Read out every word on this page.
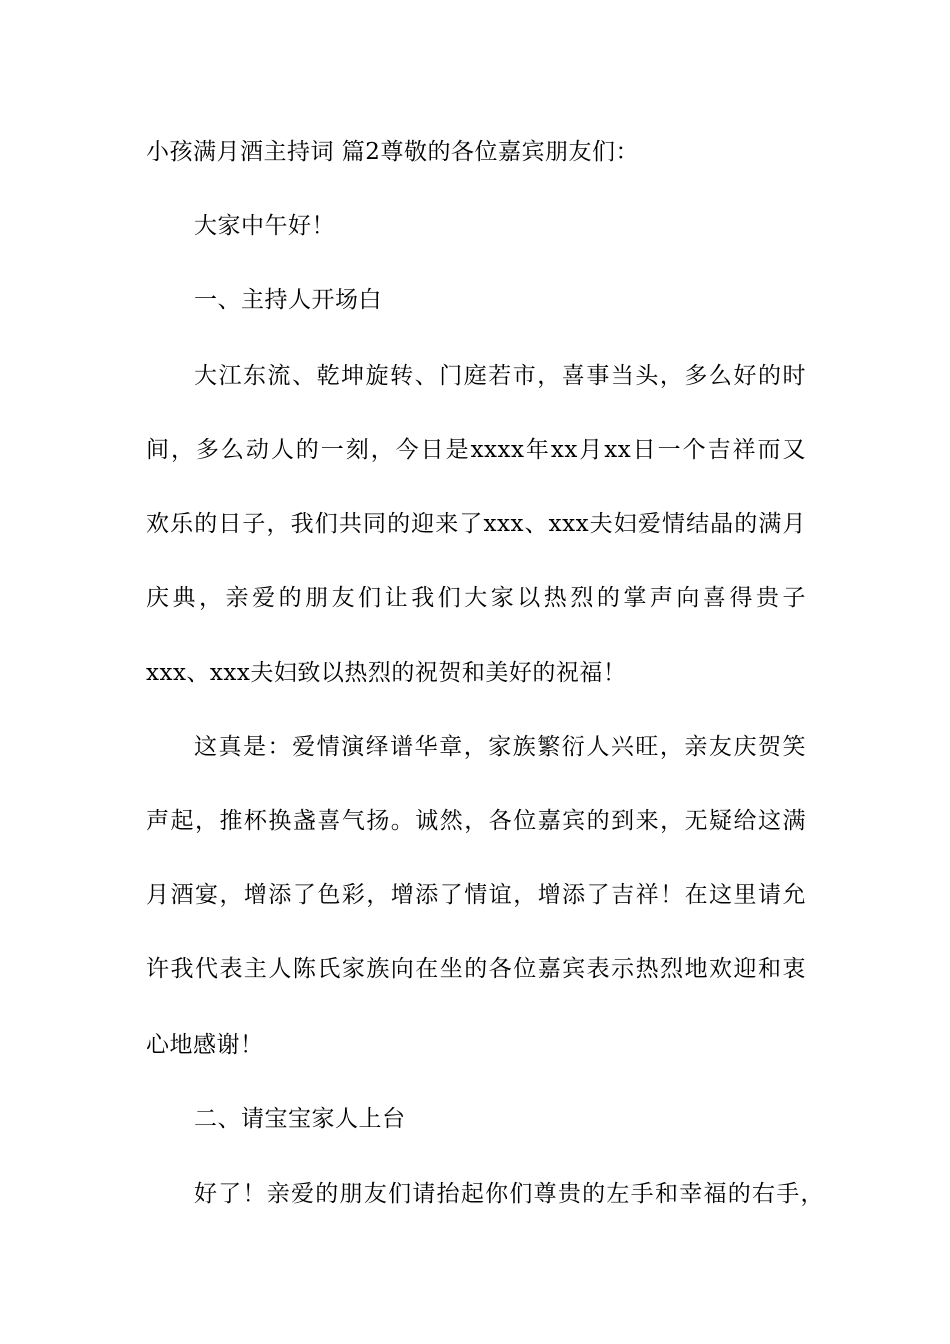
小孩满月酒主持词 篇2尊敬的各位嘉宾朋友们：
大家中午好！
一、主持人开场白
大江东流、乾坤旋转、门庭若市，喜事当头，多么好的时
间，多么动人的一刻，今日是xxxx年xx月xx日一个吉祥而又
欢乐的日子，我们共同的迎来了xxx、xxx夫妇爱情结晶的满月
庆典，亲爱的朋友们让我们大家以热烈的掌声向喜得贵子
xxx、xxx夫妇致以热烈的祝贺和美好的祝福！
这真是：爱情演绎谱华章，家族繁衍人兴旺，亲友庆贺笑
声起，推杯换盏喜气扬。诚然，各位嘉宾的到来，无疑给这满
月酒宴，增添了色彩，增添了情谊，增添了吉祥！在这里请允
许我代表主人陈氏家族向在坐的各位嘉宾表示热烈地欢迎和衷
心地感谢！
二、请宝宝家人上台
好了！亲爱的朋友们请抬起你们尊贵的左手和幸福的右手，
